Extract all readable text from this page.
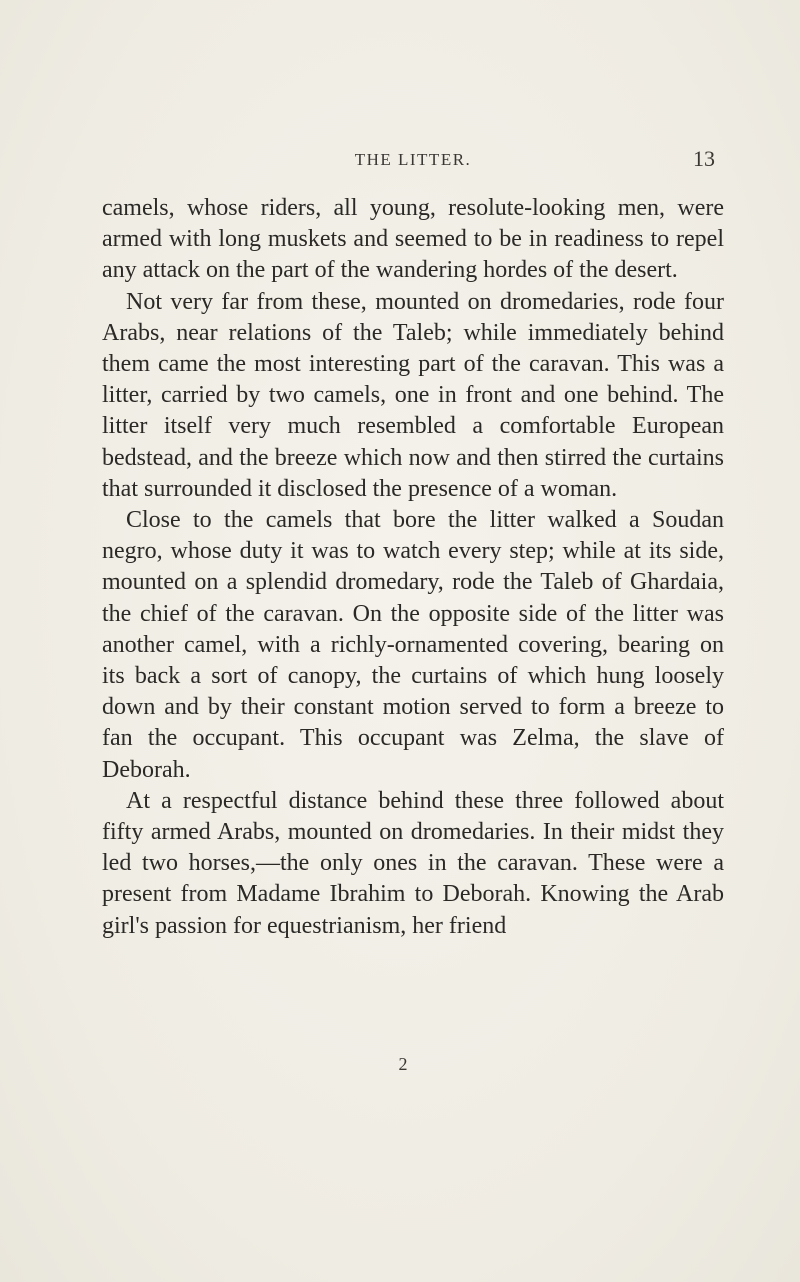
THE LITTER.	13

camels, whose riders, all young, resolute-looking men, were armed with long muskets and seemed to be in readiness to repel any attack on the part of the wandering hordes of the desert.

Not very far from these, mounted on dromedaries, rode four Arabs, near relations of the Taleb; while immediately behind them came the most interesting part of the caravan. This was a litter, carried by two camels, one in front and one behind. The litter itself very much resembled a comfortable European bedstead, and the breeze which now and then stirred the curtains that surrounded it disclosed the presence of a woman.

Close to the camels that bore the litter walked a Soudan negro, whose duty it was to watch every step; while at its side, mounted on a splendid dromedary, rode the Taleb of Ghardaia, the chief of the caravan. On the opposite side of the litter was another camel, with a richly-ornamented covering, bearing on its back a sort of canopy, the curtains of which hung loosely down and by their constant motion served to form a breeze to fan the occupant. This occupant was Zelma, the slave of Deborah.

At a respectful distance behind these three followed about fifty armed Arabs, mounted on dromedaries. In their midst they led two horses,—the only ones in the caravan. These were a present from Madame Ibrahim to Deborah. Knowing the Arab girl's passion for equestrianism, her friend

2
